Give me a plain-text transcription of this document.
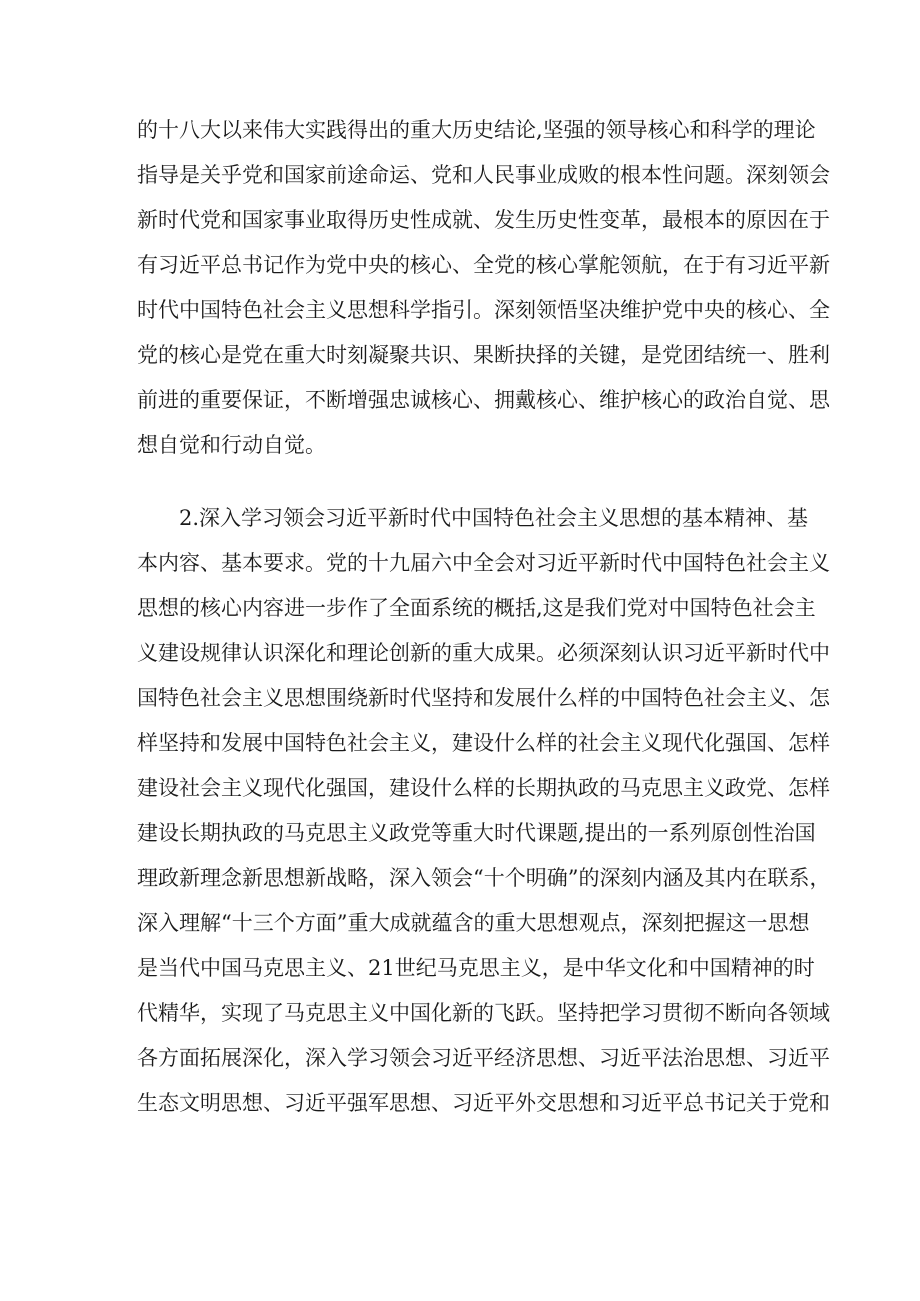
的十八大以来伟大实践得出的重大历史结论,坚强的领导核心和科学的理论
指导是关乎党和国家前途命运、党和人民事业成败的根本性问题。深刻领会
新时代党和国家事业取得历史性成就、发生历史性变革，最根本的原因在于
有习近平总书记作为党中央的核心、全党的核心掌舵领航，在于有习近平新
时代中国特色社会主义思想科学指引。深刻领悟坚决维护党中央的核心、全
党的核心是党在重大时刻凝聚共识、果断抉择的关键，是党团结统一、胜利
前进的重要保证，不断增强忠诚核心、拥戴核心、维护核心的政治自觉、思
想自觉和行动自觉。
2.深入学习领会习近平新时代中国特色社会主义思想的基本精神、基
本内容、基本要求。党的十九届六中全会对习近平新时代中国特色社会主义
思想的核心内容进一步作了全面系统的概括,这是我们党对中国特色社会主
义建设规律认识深化和理论创新的重大成果。必须深刻认识习近平新时代中
国特色社会主义思想围绕新时代坚持和发展什么样的中国特色社会主义、怎
样坚持和发展中国特色社会主义，建设什么样的社会主义现代化强国、怎样
建设社会主义现代化强国，建设什么样的长期执政的马克思主义政党、怎样
建设长期执政的马克思主义政党等重大时代课题,提出的一系列原创性治国
理政新理念新思想新战略，深入领会“十个明确”的深刻内涵及其内在联系，
深入理解“十三个方面”重大成就蕴含的重大思想观点，深刻把握这一思想
是当代中国马克思主义、21世纪马克思主义，是中华文化和中国精神的时
代精华，实现了马克思主义中国化新的飞跃。坚持把学习贯彻不断向各领域
各方面拓展深化，深入学习领会习近平经济思想、习近平法治思想、习近平
生态文明思想、习近平强军思想、习近平外交思想和习近平总书记关于党和
